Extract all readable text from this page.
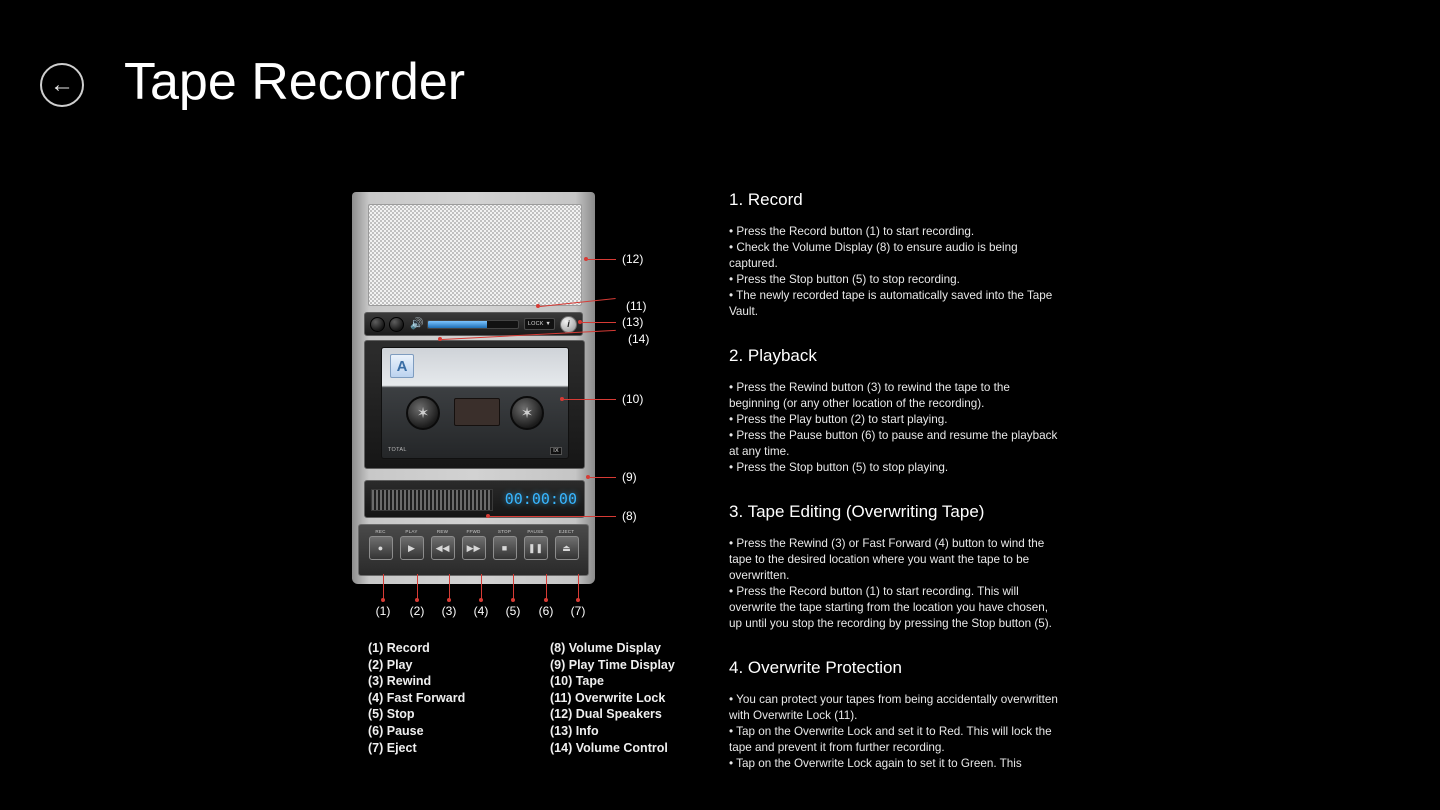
← Tape Recorder
🔊	LOCK ▼	i
A
✶	✶
TOTAL	IX
00:00:00
REC
●
PLAY
▶
REW
◀◀
FFWD
▶▶
STOP
■
PAUSE
❚❚
EJECT
⏏
(12)
(11)
(13)
(14)
(10)
(9)
(8)
(1)	(2)	(3)	(4)	(5)	(6)	(7)
(1) Record
(2) Play
(3) Rewind
(4) Fast Forward
(5) Stop
(6) Pause
(7) Eject
(8) Volume Display
(9) Play Time Display
(10) Tape
(11) Overwrite Lock
(12) Dual Speakers
(13) Info
(14) Volume Control
1. Record
• Press the Record button (1) to start recording.
• Check the Volume Display (8) to ensure audio is being captured.
• Press the Stop button (5) to stop recording.
• The newly recorded tape is automatically saved into the Tape Vault.
2. Playback
• Press the Rewind button (3) to rewind the tape to the beginning (or any other location of the recording).
• Press the Play button (2) to start playing.
• Press the Pause button (6) to pause and resume the playback at any time.
• Press the Stop button (5) to stop playing.
3. Tape Editing (Overwriting Tape)
• Press the Rewind (3) or Fast Forward (4) button to wind the tape to the desired location where you want the tape to be overwritten.
• Press the Record button (1) to start recording. This will overwrite the tape starting from the location you have chosen, up until you stop the recording by pressing the Stop button (5).
4. Overwrite Protection
• You can protect your tapes from being accidentally overwritten with Overwrite Lock (11).
• Tap on the Overwrite Lock and set it to Red. This will lock the tape and prevent it from further recording.
• Tap on the Overwrite Lock again to set it to Green. This
